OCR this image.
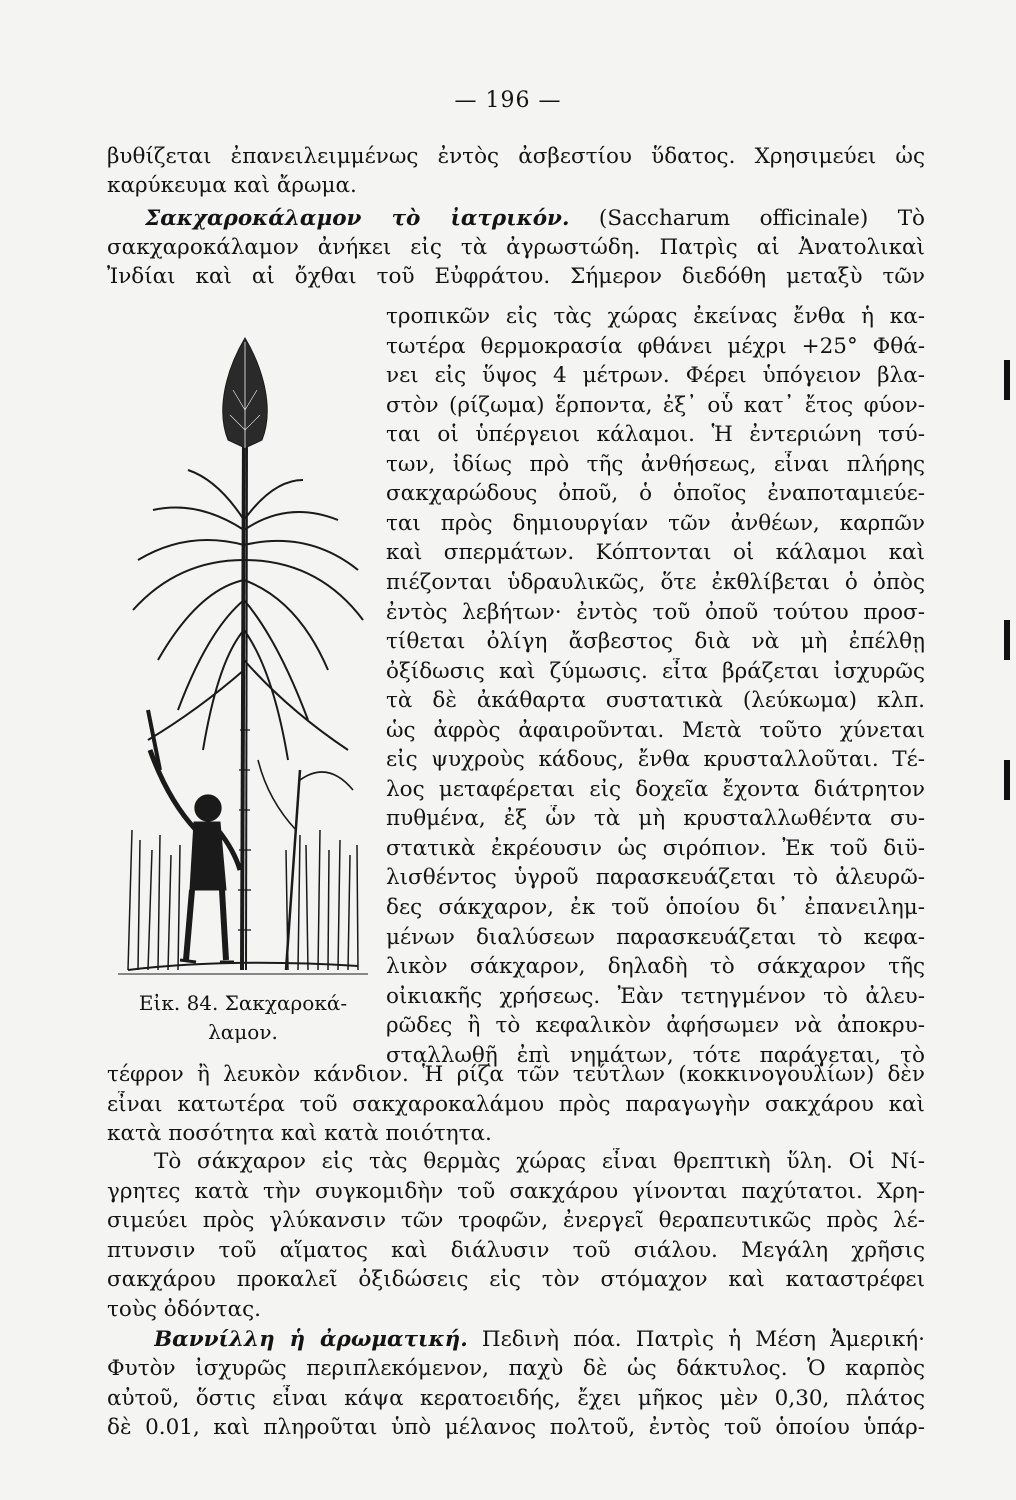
— 196 —
βυθίζεται ἐπανειλειμμένως ἐντὸς ἀσβεστίου ὕδατος. Χρησιμεύει ὡς
καρύκευμα καὶ ἄρωμα.
Σακχαροκάλαμον τὸ ἰατρικόν. (Saccharum officinale) Τὸ
σακχαροκάλαμον ἀνήκει εἰς τὰ ἀγρωστώδη. Πατρὶς αἱ Ἀνατολικαὶ
Ἰνδίαι καὶ αἱ ὄχθαι τοῦ Εὐφράτου. Σήμερον διεδόθη μεταξὺ τῶν
τροπικῶν εἰς τὰς χώρας ἐκείνας ἔνθα ἡ κα-
τωτέρα θερμοκρασία φθάνει μέχρι +25° Φθά-
νει εἰς ὕψος 4 μέτρων. Φέρει ὑπόγειον βλα-
στὸν (ρίζωμα) ἕρποντα, ἐξ᾽ οὗ κατ᾽ ἔτος φύον-
ται οἱ ὑπέργειοι κάλαμοι. Ἡ ἐντεριώνη τσύ-
των, ἰδίως πρὸ τῆς ἀνθήσεως, εἶναι πλήρης
σακχαρώδους ὀποῦ, ὁ ὁποῖος ἐναποταμιεύε-
ται πρὸς δημιουργίαν τῶν ἀνθέων, καρπῶν
καὶ σπερμάτων. Κόπτονται οἱ κάλαμοι καὶ
πιέζονται ὑδραυλικῶς, ὅτε ἐκθλίβεται ὁ ὀπὸς
ἐντὸς λεβήτων· ἐντὸς τοῦ ὀποῦ τούτου προσ-
τίθεται ὀλίγη ἄσβεστος διὰ νὰ μὴ ἐπέλθῃ
ὀξίδωσις καὶ ζύμωσις. εἶτα βράζεται ἰσχυρῶς
τὰ δὲ ἀκάθαρτα συστατικὰ (λεύκωμα) κλπ.
ὡς ἀφρὸς ἀφαιροῦνται. Μετὰ τοῦτο χύνεται
εἰς ψυχροὺς κάδους, ἔνθα κρυσταλλοῦται. Τέ-
λος μεταφέρεται εἰς δοχεῖα ἔχοντα διάτρητον
πυθμένα, ἐξ ὧν τὰ μὴ κρυσταλλωθέντα συ-
στατικὰ ἐκρέουσιν ὡς σιρόπιον. Ἐκ τοῦ διϋ-
λισθέντος ὑγροῦ παρασκευάζεται τὸ ἀλευρῶ-
δες σάκχαρον, ἐκ τοῦ ὁποίου δι᾽ ἐπανειλημ-
μένων διαλύσεων παρασκευάζεται τὸ κεφα-
λικὸν σάκχαρον, δηλαδὴ τὸ σάκχαρον τῆς
οἰκιακῆς χρήσεως. Ἐὰν τετηγμένον τὸ ἀλευ-
ρῶδες ἢ τὸ κεφαλικὸν ἀφήσωμεν νὰ ἀποκρυ-
σταλλωθῇ ἐπὶ νημάτων, τότε παράγεται, τὸ
τέφρον ἢ λευκὸν κάνδιον. Ἡ ρίζα τῶν τεύτλων (κοκκινογουλίων) δὲν
εἶναι κατωτέρα τοῦ σακχαροκαλάμου πρὸς παραγωγὴν σακχάρου καὶ
κατὰ ποσότητα καὶ κατὰ ποιότητα.
Εἰκ. 84. Σακχαροκά-
λαμον.
Τὸ σάκχαρον εἰς τὰς θερμὰς χώρας εἶναι θρεπτικὴ ὕλη. Οἱ Νί-
γρητες κατὰ τὴν συγκομιδὴν τοῦ σακχάρου γίνονται παχύτατοι. Χρη-
σιμεύει πρὸς γλύκανσιν τῶν τροφῶν, ἐνεργεῖ θεραπευτικῶς πρὸς λέ-
πτυνσιν τοῦ αἵματος καὶ διάλυσιν τοῦ σιάλου. Μεγάλη χρῆσις
σακχάρου προκαλεῖ ὀξιδώσεις εἰς τὸν στόμαχον καὶ καταστρέφει
τοὺς ὀδόντας.
Βαννίλλη ἡ ἀρωματική. Πεδινὴ πόα. Πατρὶς ἡ Μέση Ἀμερική·
Φυτὸν ἰσχυρῶς περιπλεκόμενον, παχὺ δὲ ὡς δάκτυλος. Ὁ καρπὸς
αὐτοῦ, ὅστις εἶναι κάψα κερατοειδής, ἔχει μῆκος μὲν 0,30, πλάτος
δὲ 0.01, καὶ πληροῦται ὑπὸ μέλανος πολτοῦ, ἐντὸς τοῦ ὁποίου ὑπάρ-
